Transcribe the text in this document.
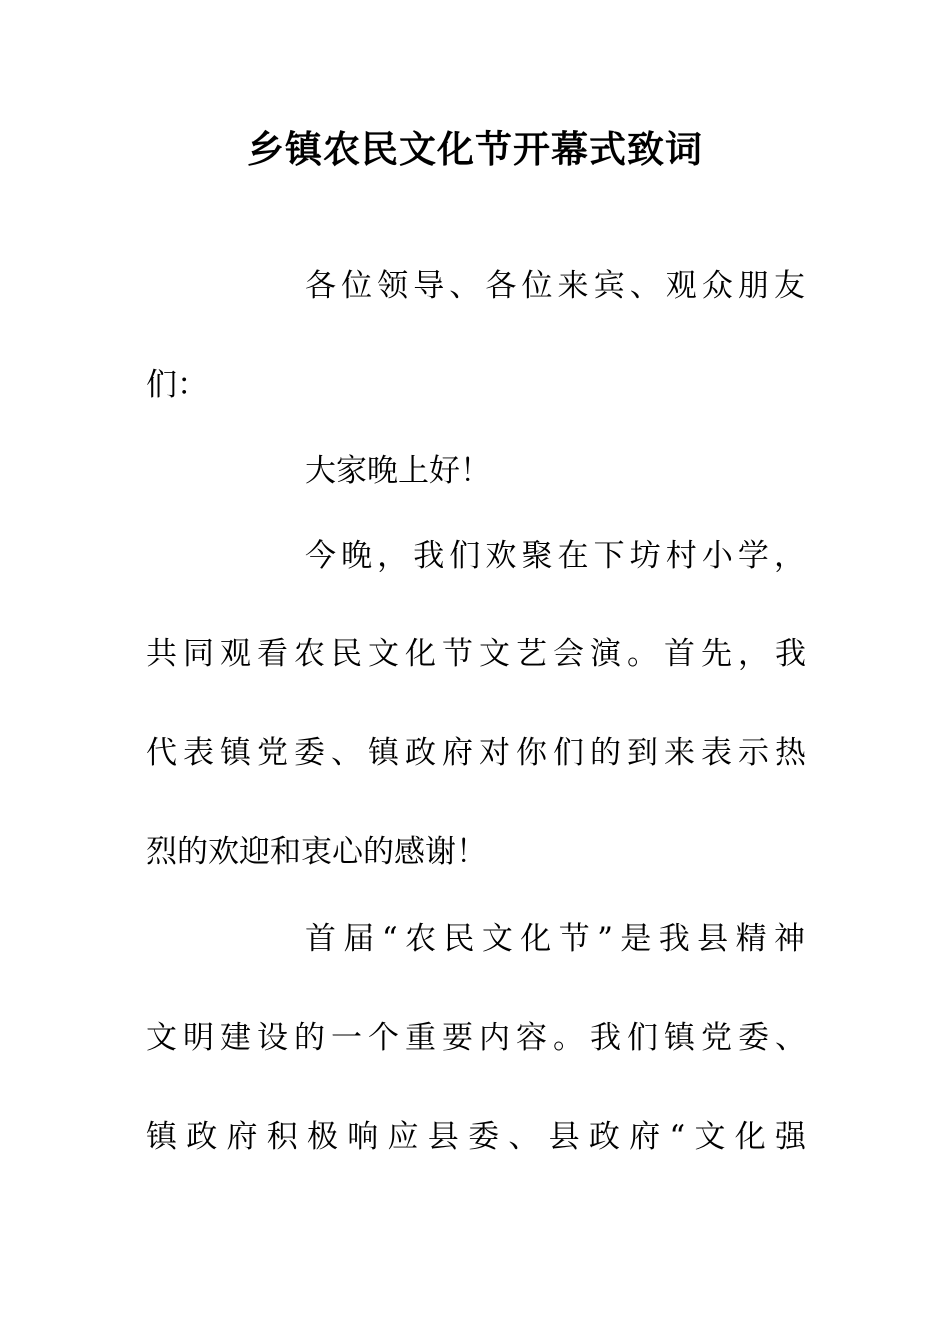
乡镇农民文化节开幕式致词
各位领导、各位来宾、观众朋友
们：
大家晚上好！
今晚，我们欢聚在下坊村小学，
共同观看农民文化节文艺会演。首先，我
代表镇党委、镇政府对你们的到来表示热
烈的欢迎和衷心的感谢！
首届“农民文化节”是我县精神
文明建设的一个重要内容。我们镇党委、
镇政府积极响应县委、县政府“文化强
